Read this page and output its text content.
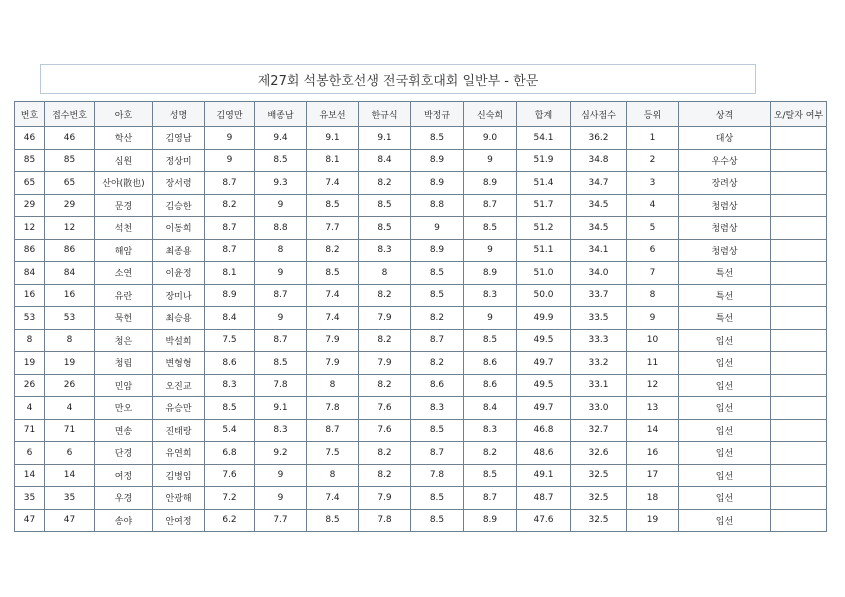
제27회 석봉한호선생 전국휘호대회 일반부 - 한문
번호	접수번호	아호	성명	김영만	배종남	유보선	한규식	박정규	신숙희	합계	심사점수	등위	상격	오/탈자 여부
46	46	학산	김영남	9	9.4	9.1	9.1	8.5	9.0	54.1	36.2	1	대상	
85	85	심원	정상미	9	8.5	8.1	8.4	8.9	9	51.9	34.8	2	우수상	
65	65	산야(散也)	장서령	8.7	9.3	7.4	8.2	8.9	8.9	51.4	34.7	3	장려상	
29	29	문경	김승한	8.2	9	8.5	8.5	8.8	8.7	51.7	34.5	4	청렴상	
12	12	석천	이동희	8.7	8.8	7.7	8.5	9	8.5	51.2	34.5	5	청렴상	
86	86	해암	최종용	8.7	8	8.2	8.3	8.9	9	51.1	34.1	6	청렴상	
84	84	소연	이윤정	8.1	9	8.5	8	8.5	8.9	51.0	34.0	7	특선	
16	16	유란	장미나	8.9	8.7	7.4	8.2	8.5	8.3	50.0	33.7	8	특선	
53	53	묵헌	최승용	8.4	9	7.4	7.9	8.2	9	49.9	33.5	9	특선	
8	8	청은	박설희	7.5	8.7	7.9	8.2	8.7	8.5	49.5	33.3	10	입선	
19	19	청림	변형형	8.6	8.5	7.9	7.9	8.2	8.6	49.7	33.2	11	입선	
26	26	민암	오진교	8.3	7.8	8	8.2	8.6	8.6	49.5	33.1	12	입선	
4	4	만오	유승만	8.5	9.1	7.8	7.6	8.3	8.4	49.7	33.0	13	입선	
71	71	면송	진태랑	5.4	8.3	8.7	7.6	8.5	8.3	46.8	32.7	14	입선	
6	6	단경	유연희	6.8	9.2	7.5	8.2	8.7	8.2	48.6	32.6	16	입선	
14	14	여정	김병임	7.6	9	8	8.2	7.8	8.5	49.1	32.5	17	입선	
35	35	우경	안광해	7.2	9	7.4	7.9	8.5	8.7	48.7	32.5	18	입선	
47	47	송야	안여정	6.2	7.7	8.5	7.8	8.5	8.9	47.6	32.5	19	입선	
